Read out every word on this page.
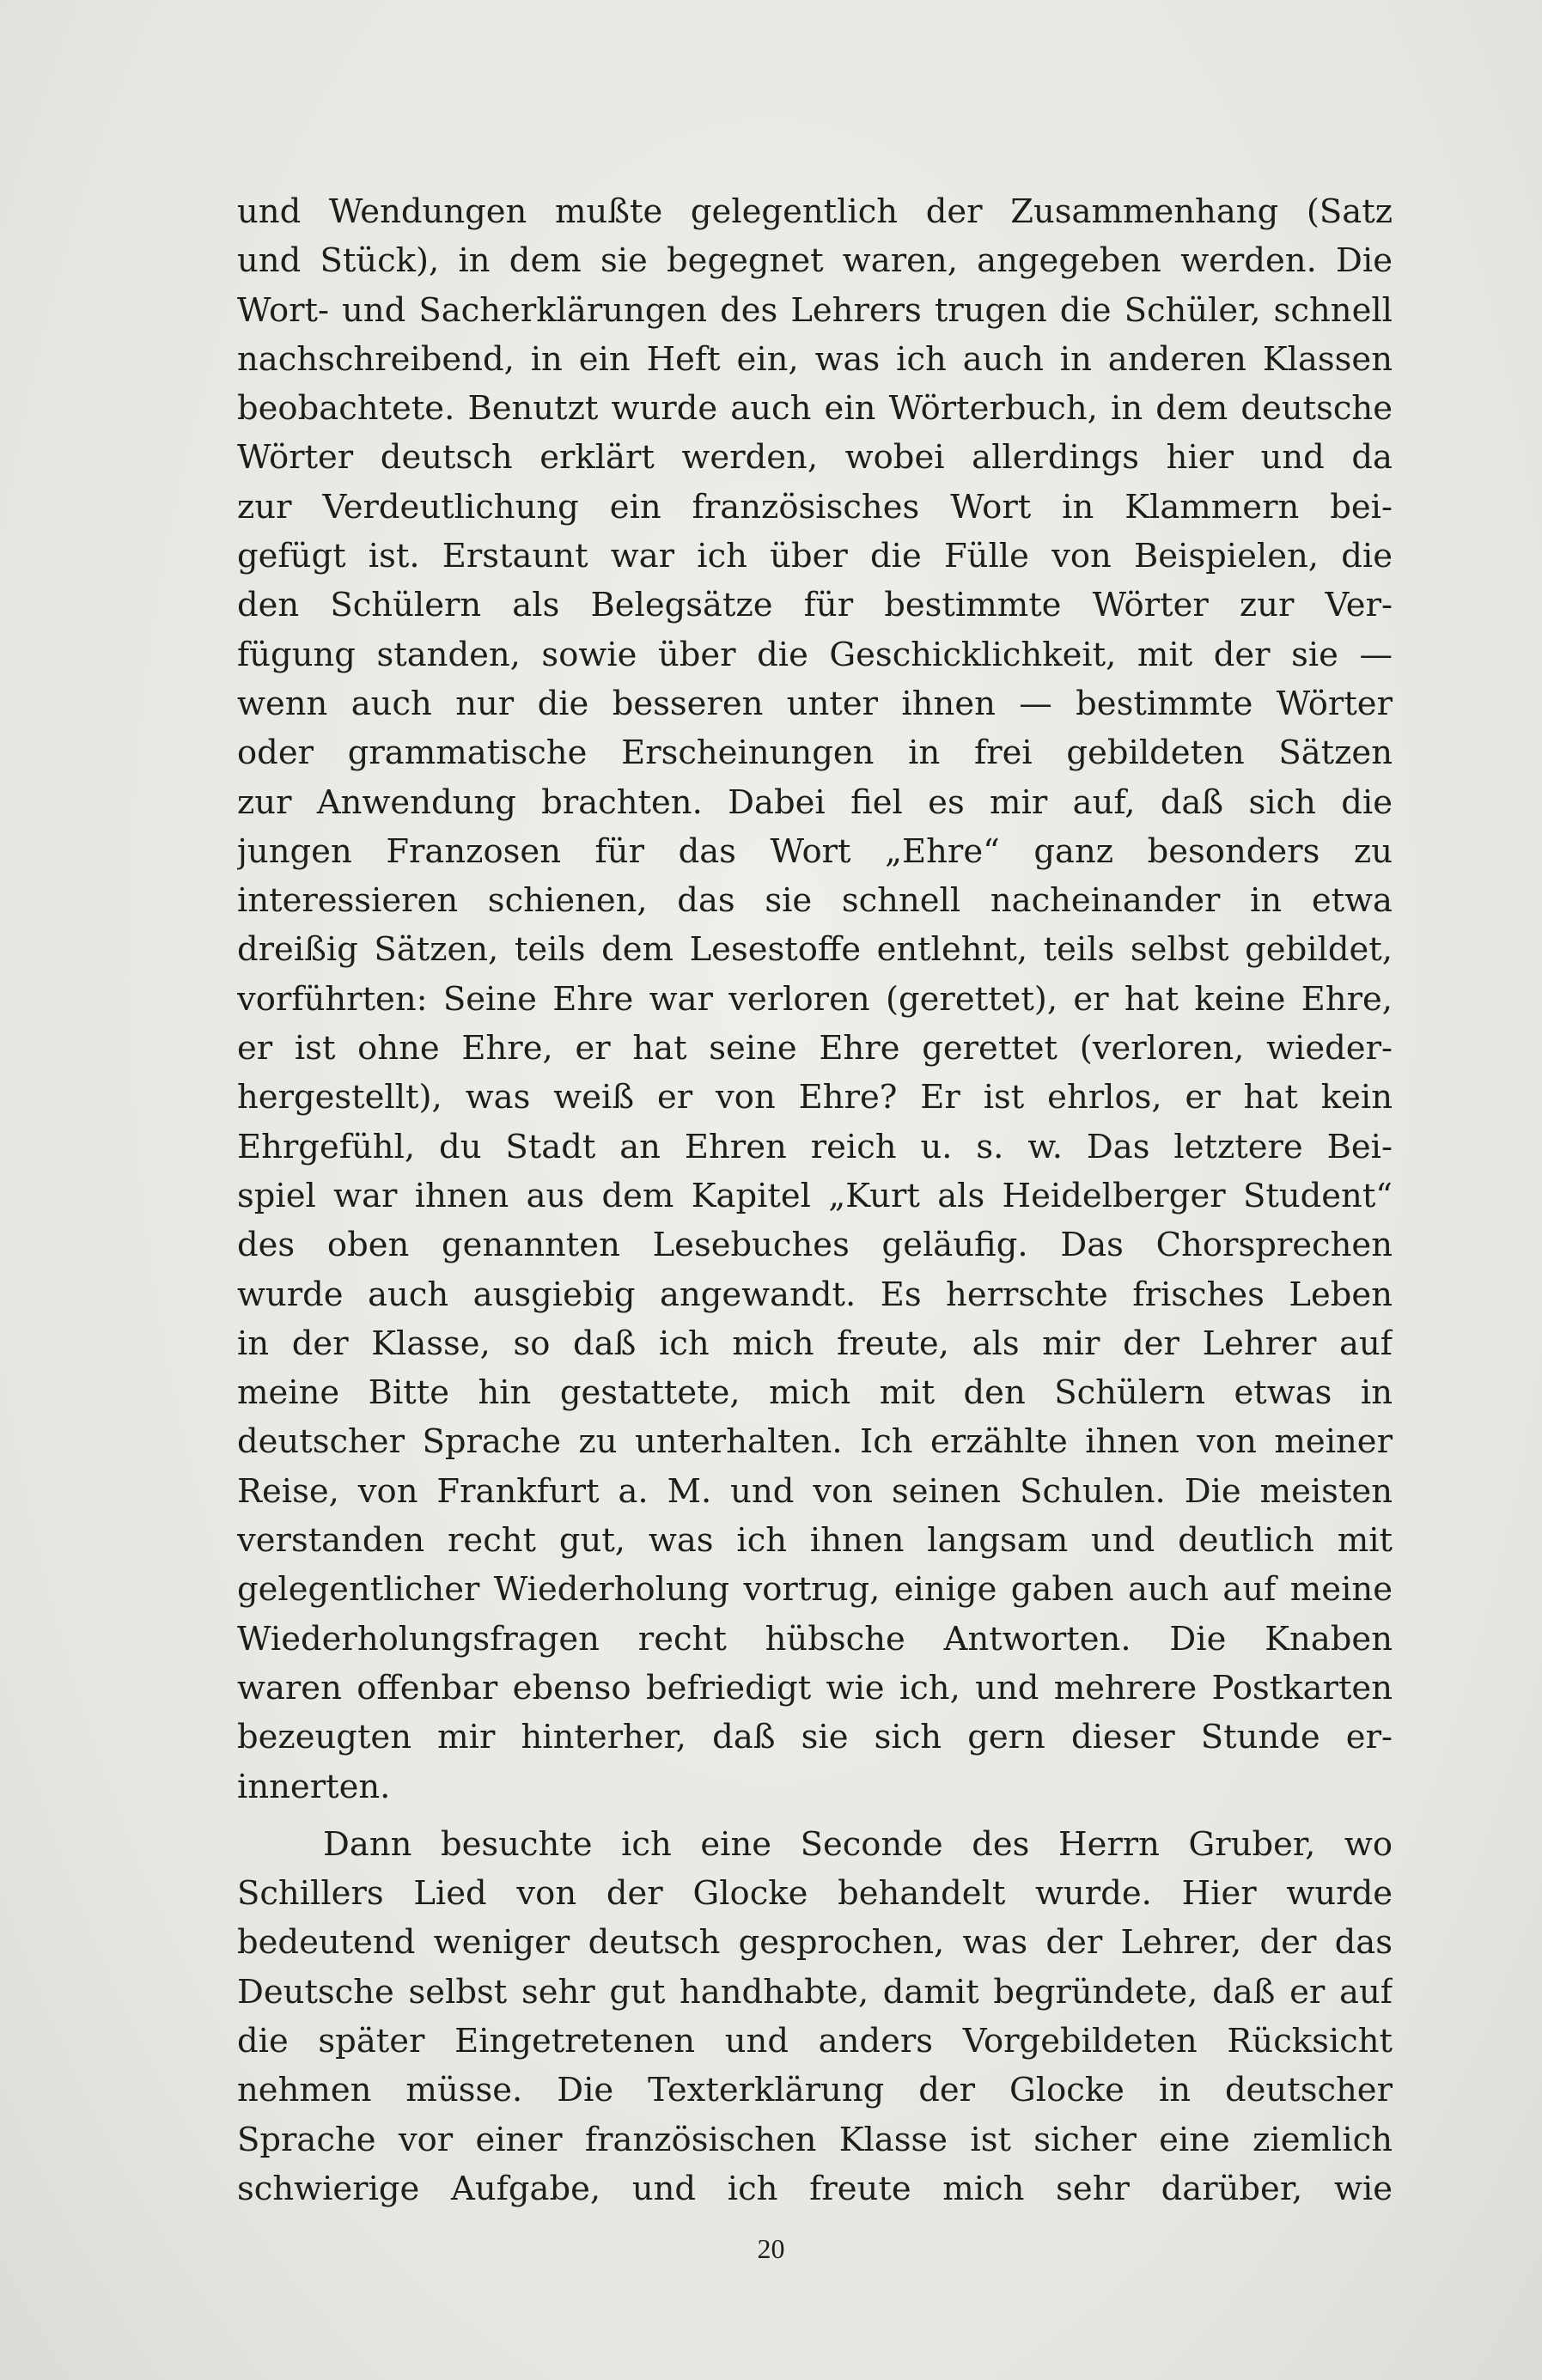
und Wendungen mußte gelegentlich der Zusammenhang (Satz
und Stück), in dem sie begegnet waren, angegeben werden. Die
Wort- und Sacherklärungen des Lehrers trugen die Schüler, schnell
nachschreibend, in ein Heft ein, was ich auch in anderen Klassen
beobachtete. Benutzt wurde auch ein Wörterbuch, in dem deutsche
Wörter deutsch erklärt werden, wobei allerdings hier und da
zur Verdeutlichung ein französisches Wort in Klammern bei-
gefügt ist. Erstaunt war ich über die Fülle von Beispielen, die
den Schülern als Belegsätze für bestimmte Wörter zur Ver-
fügung standen, sowie über die Geschicklichkeit, mit der sie —
wenn auch nur die besseren unter ihnen — bestimmte Wörter
oder grammatische Erscheinungen in frei gebildeten Sätzen
zur Anwendung brachten. Dabei fiel es mir auf, daß sich die
jungen Franzosen für das Wort „Ehre“ ganz besonders zu
interessieren schienen, das sie schnell nacheinander in etwa
dreißig Sätzen, teils dem Lesestoffe entlehnt, teils selbst gebildet,
vorführten: Seine Ehre war verloren (gerettet), er hat keine Ehre,
er ist ohne Ehre, er hat seine Ehre gerettet (verloren, wieder-
hergestellt), was weiß er von Ehre? Er ist ehrlos, er hat kein
Ehrgefühl, du Stadt an Ehren reich u. s. w. Das letztere Bei-
spiel war ihnen aus dem Kapitel „Kurt als Heidelberger Student“
des oben genannten Lesebuches geläufig. Das Chorsprechen
wurde auch ausgiebig angewandt. Es herrschte frisches Leben
in der Klasse, so daß ich mich freute, als mir der Lehrer auf
meine Bitte hin gestattete, mich mit den Schülern etwas in
deutscher Sprache zu unterhalten. Ich erzählte ihnen von meiner
Reise, von Frankfurt a. M. und von seinen Schulen. Die meisten
verstanden recht gut, was ich ihnen langsam und deutlich mit
gelegentlicher Wiederholung vortrug, einige gaben auch auf meine
Wiederholungsfragen recht hübsche Antworten. Die Knaben
waren offenbar ebenso befriedigt wie ich, und mehrere Postkarten
bezeugten mir hinterher, daß sie sich gern dieser Stunde er-
innerten.
Dann besuchte ich eine Seconde des Herrn Gruber, wo
Schillers Lied von der Glocke behandelt wurde. Hier wurde
bedeutend weniger deutsch gesprochen, was der Lehrer, der das
Deutsche selbst sehr gut handhabte, damit begründete, daß er auf
die später Eingetretenen und anders Vorgebildeten Rücksicht
nehmen müsse. Die Texterklärung der Glocke in deutscher
Sprache vor einer französischen Klasse ist sicher eine ziemlich
schwierige Aufgabe, und ich freute mich sehr darüber, wie
20
